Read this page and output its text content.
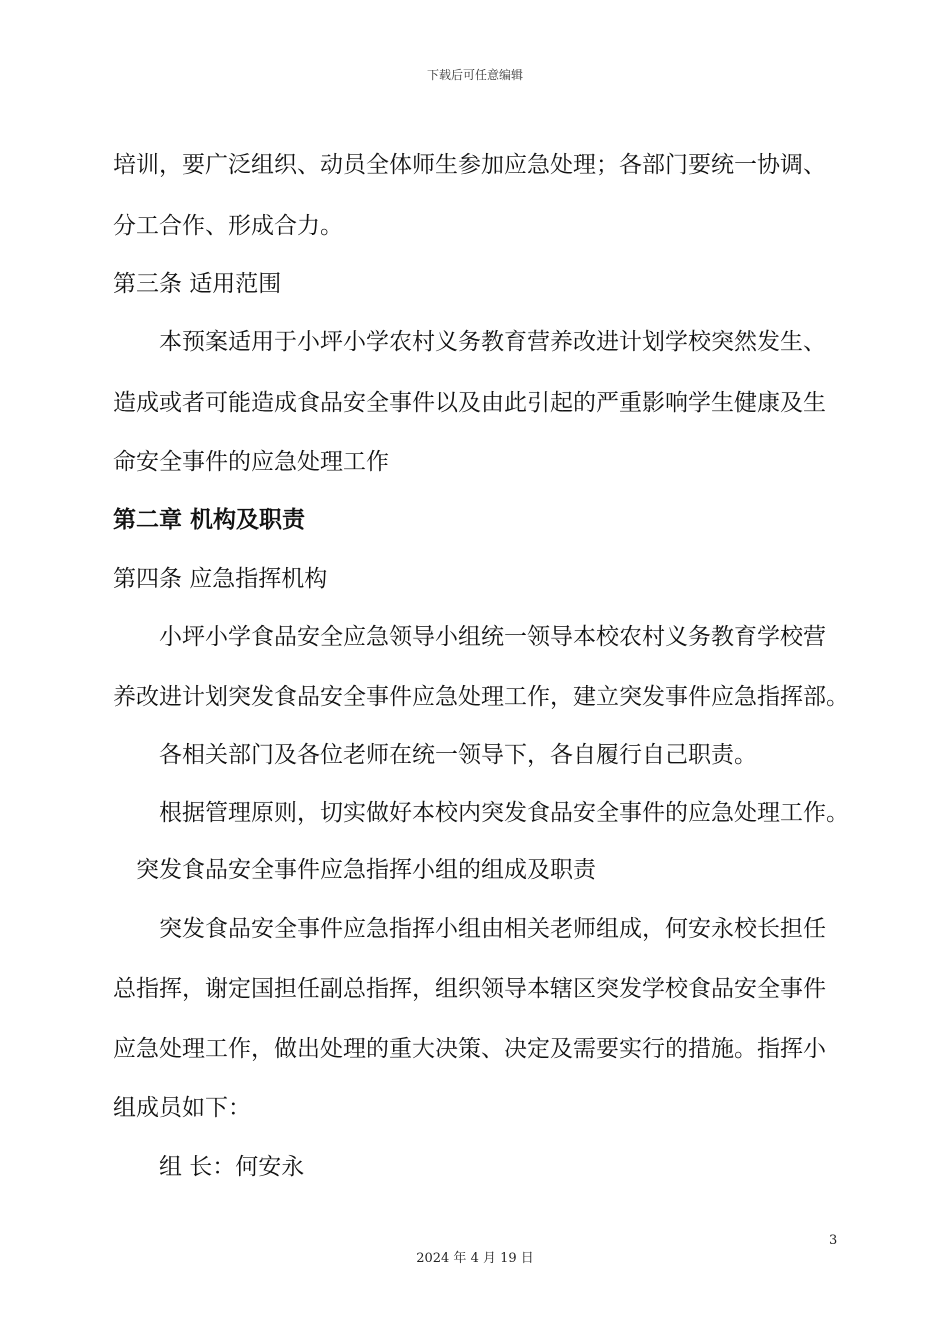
下载后可任意编辑
培训，要广泛组织、动员全体师生参加应急处理；各部门要统一协调、
分工合作、形成合力。
第三条 适用范围
本预案适用于小坪小学农村义务教育营养改进计划学校突然发生、
造成或者可能造成食品安全事件以及由此引起的严重影响学生健康及生
命安全事件的应急处理工作
第二章 机构及职责
第四条 应急指挥机构
小坪小学食品安全应急领导小组统一领导本校农村义务教育学校营
养改进计划突发食品安全事件应急处理工作，建立突发事件应急指挥部。
各相关部门及各位老师在统一领导下，各自履行自己职责。
根据管理原则，切实做好本校内突发食品安全事件的应急处理工作。
突发食品安全事件应急指挥小组的组成及职责
突发食品安全事件应急指挥小组由相关老师组成，何安永校长担任
总指挥，谢定国担任副总指挥，组织领导本辖区突发学校食品安全事件
应急处理工作，做出处理的重大决策、决定及需要实行的措施。指挥小
组成员如下：
组 长：何安永
3
2024 年 4 月 19 日
